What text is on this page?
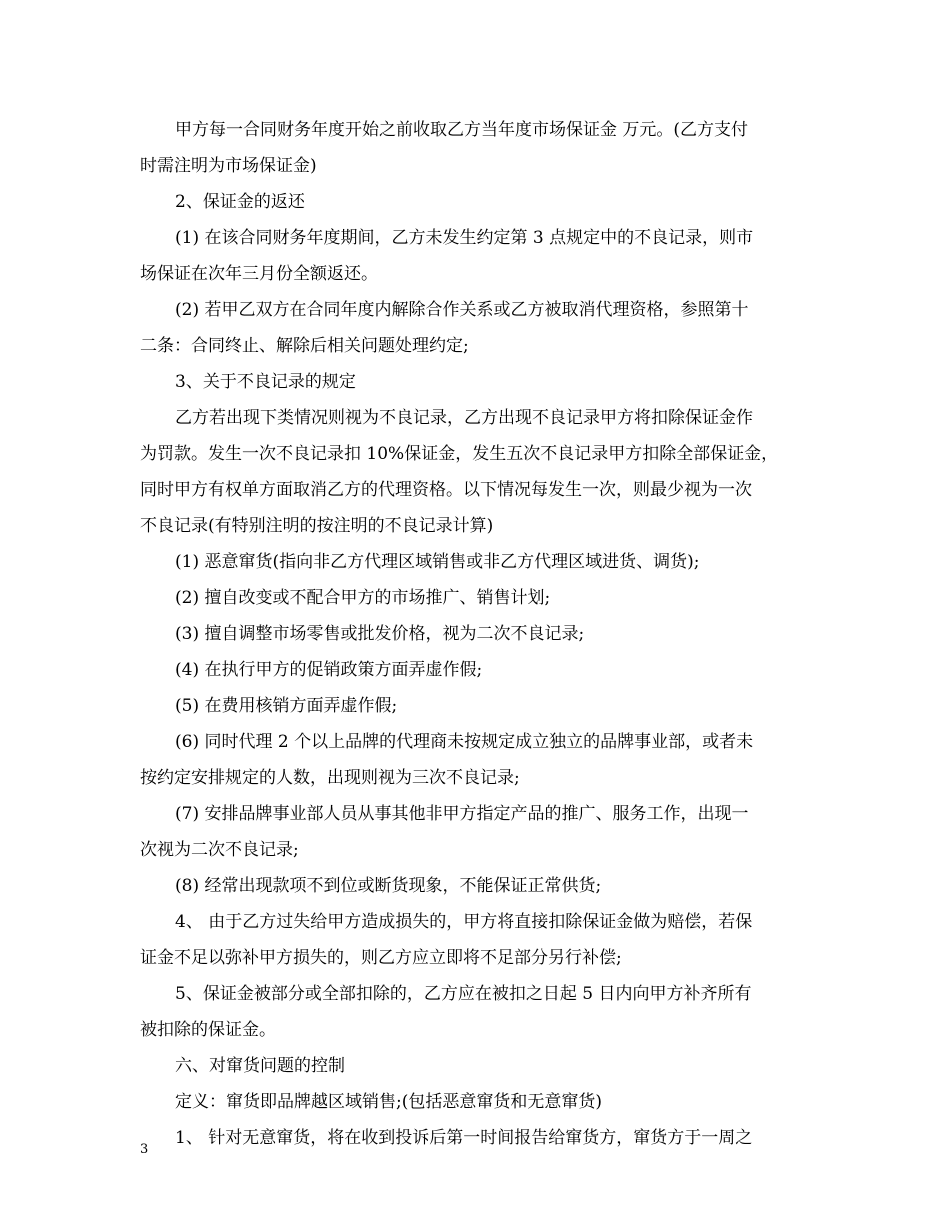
甲方每一合同财务年度开始之前收取乙方当年度市场保证金 万元。(乙方支付
时需注明为市场保证金)
2、保证金的返还
(1) 在该合同财务年度期间，乙方未发生约定第 3 点规定中的不良记录，则市
场保证在次年三月份全额返还。
(2) 若甲乙双方在合同年度内解除合作关系或乙方被取消代理资格，参照第十
二条：合同终止、解除后相关问题处理约定;
3、关于不良记录的规定
乙方若出现下类情况则视为不良记录，乙方出现不良记录甲方将扣除保证金作
为罚款。发生一次不良记录扣 10%保证金，发生五次不良记录甲方扣除全部保证金，
同时甲方有权单方面取消乙方的代理资格。以下情况每发生一次，则最少视为一次
不良记录(有特别注明的按注明的不良记录计算)
(1) 恶意窜货(指向非乙方代理区域销售或非乙方代理区域进货、调货);
(2) 擅自改变或不配合甲方的市场推广、销售计划;
(3) 擅自调整市场零售或批发价格，视为二次不良记录;
(4) 在执行甲方的促销政策方面弄虚作假;
(5) 在费用核销方面弄虚作假;
(6) 同时代理 2 个以上品牌的代理商未按规定成立独立的品牌事业部，或者未
按约定安排规定的人数，出现则视为三次不良记录;
(7) 安排品牌事业部人员从事其他非甲方指定产品的推广、服务工作，出现一
次视为二次不良记录;
(8) 经常出现款项不到位或断货现象，不能保证正常供货;
4、 由于乙方过失给甲方造成损失的，甲方将直接扣除保证金做为赔偿，若保
证金不足以弥补甲方损失的，则乙方应立即将不足部分另行补偿;
5、保证金被部分或全部扣除的，乙方应在被扣之日起 5 日内向甲方补齐所有
被扣除的保证金。
六、对窜货问题的控制
定义：窜货即品牌越区域销售;(包括恶意窜货和无意窜货)
1、 针对无意窜货，将在收到投诉后第一时间报告给窜货方，窜货方于一周之
3
